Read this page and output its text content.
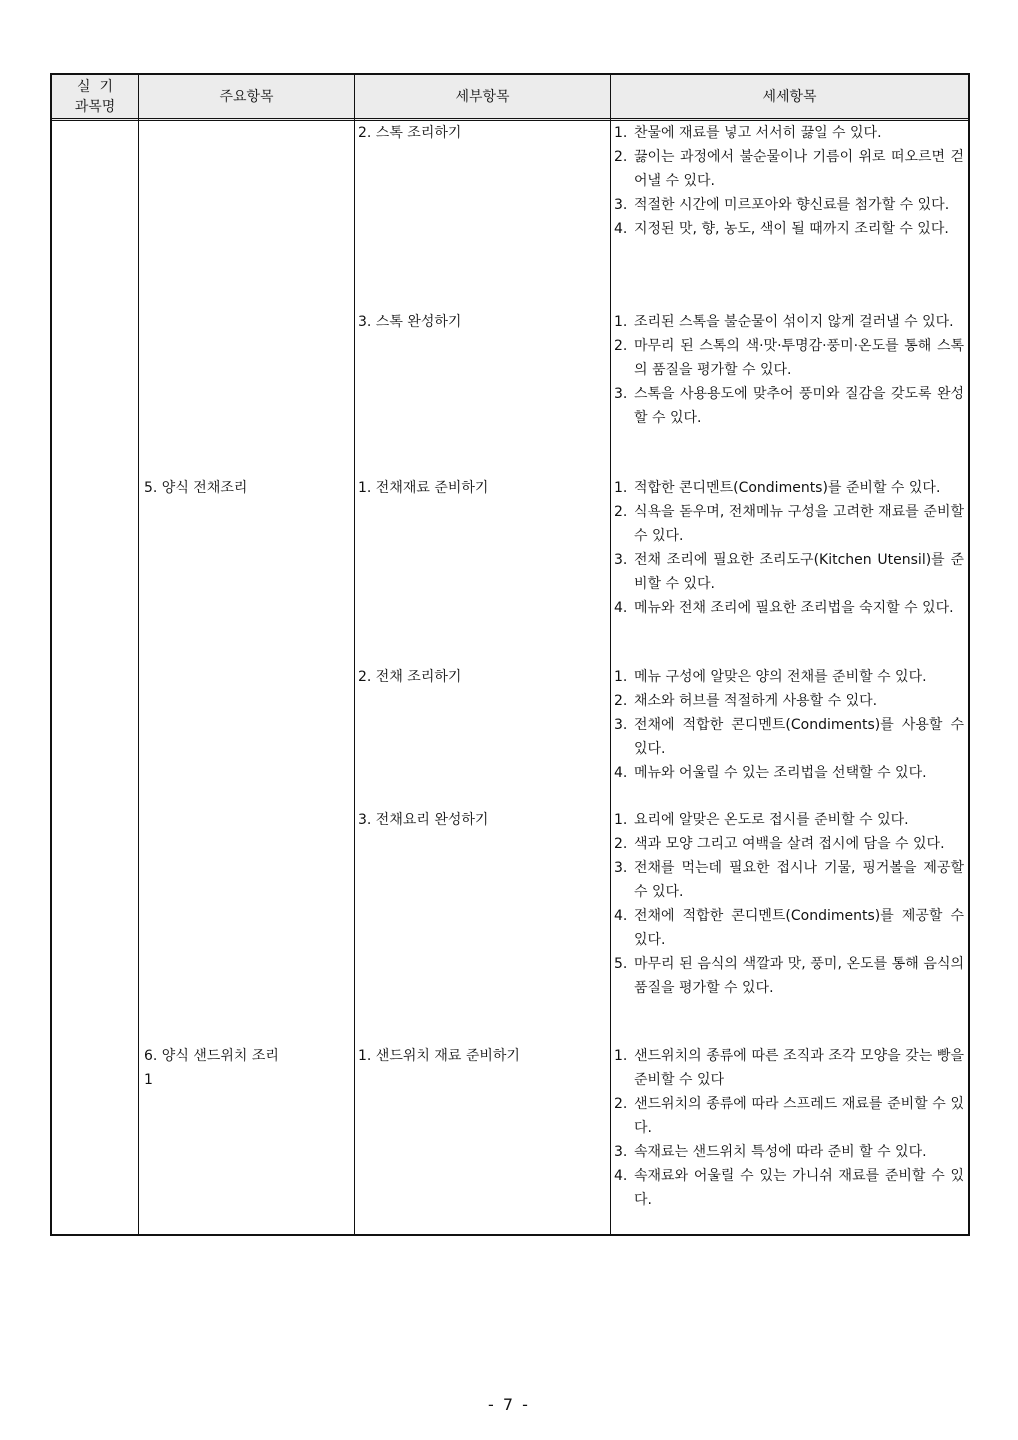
실  기
과목명
주요항목	세부항목	세세항목
5. 양식 전채조리
6. 양식 샌드위치 조리
1
2. 스톡 조리하기
3. 스톡 완성하기
1. 전채재료 준비하기
2. 전채 조리하기
3. 전채요리 완성하기
1. 샌드위치 재료 준비하기
1. 찬물에 재료를 넣고 서서히 끓일 수 있다.
2. 끓이는 과정에서 불순물이나 기름이 위로 떠오르면 걷어낼 수 있다.
3. 적절한 시간에 미르포아와 향신료를 첨가할 수 있다.
4. 지정된 맛, 향, 농도, 색이 될 때까지 조리할 수 있다.
1. 조리된 스톡을 불순물이 섞이지 않게 걸러낼 수 있다.
2. 마무리 된 스톡의 색·맛·투명감·풍미·온도를 통해 스톡의 품질을 평가할 수 있다.
3. 스톡을 사용용도에 맞추어 풍미와 질감을 갖도록 완성할 수 있다.
1. 적합한 콘디멘트(Condiments)를 준비할 수 있다.
2. 식욕을 돋우며, 전채메뉴 구성을 고려한 재료를 준비할 수 있다.
3. 전채 조리에 필요한 조리도구(Kitchen Utensil)를 준비할 수 있다.
4. 메뉴와 전채 조리에 필요한 조리법을 숙지할 수 있다.
1. 메뉴 구성에 알맞은 양의 전채를 준비할 수 있다.
2. 채소와 허브를 적절하게 사용할 수 있다.
3. 전채에 적합한 콘디멘트(Condiments)를 사용할 수 있다.
4. 메뉴와 어울릴 수 있는 조리법을 선택할 수 있다.
1. 요리에 알맞은 온도로 접시를 준비할 수 있다.
2. 색과 모양 그리고 여백을 살려 접시에 담을 수 있다.
3. 전채를 먹는데 필요한 접시나 기물, 핑거볼을 제공할 수 있다.
4. 전채에 적합한 콘디멘트(Condiments)를 제공할 수 있다.
5. 마무리 된 음식의 색깔과 맛, 풍미, 온도를 통해 음식의 품질을 평가할 수 있다.
1. 샌드위치의 종류에 따른 조직과 조각 모양을 갖는 빵을 준비할 수 있다
2. 샌드위치의 종류에 따라 스프레드 재료를 준비할 수 있다.
3. 속재료는 샌드위치 특성에 따라 준비 할 수 있다.
4. 속재료와 어울릴 수 있는 가니쉬 재료를 준비할 수 있다.
- 7 -
